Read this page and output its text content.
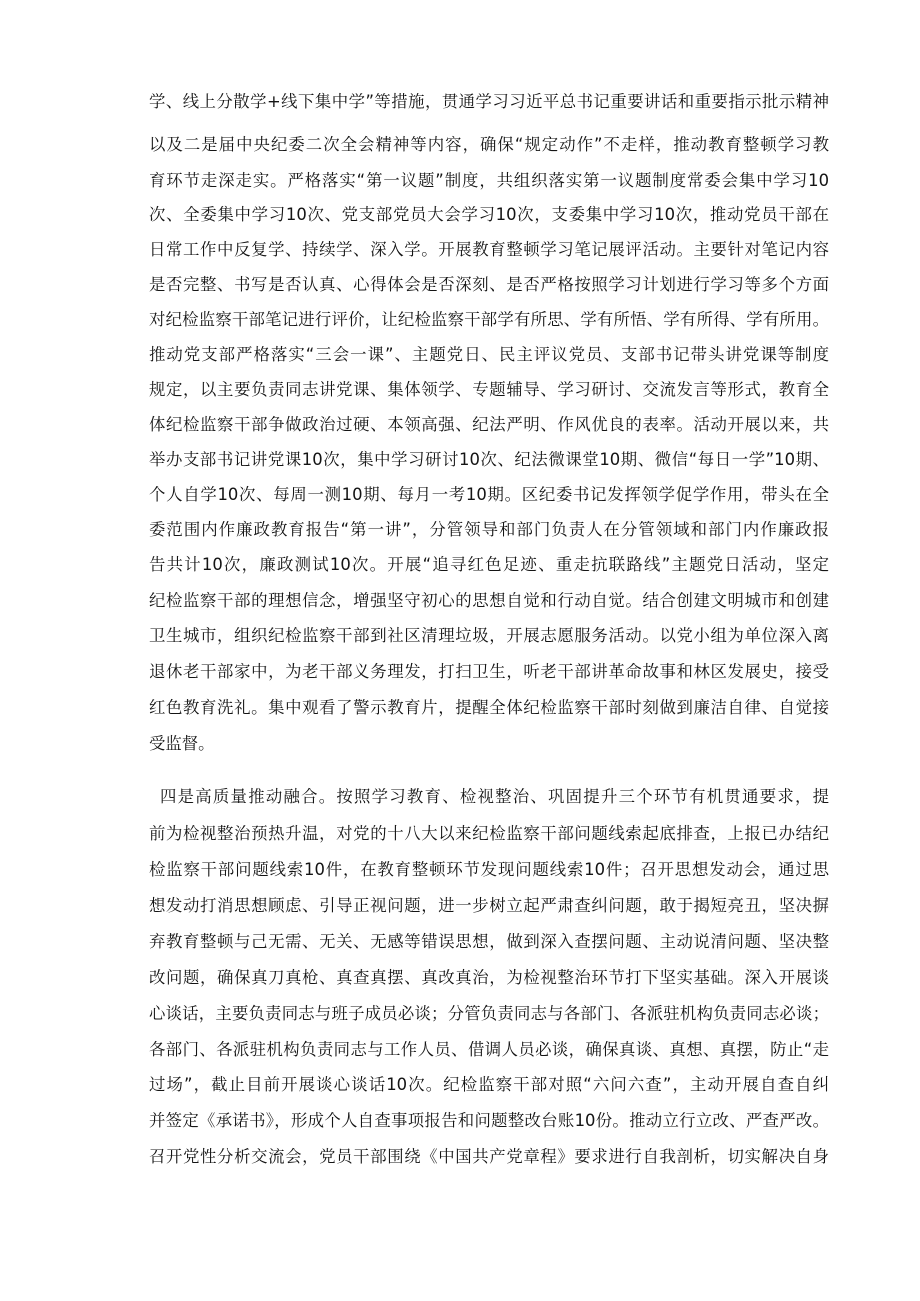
学、线上分散学+线下集中学”等措施，贯通学习习近平总书记重要讲话和重要指示批示精神
以及二是届中央纪委二次全会精神等内容，确保“规定动作”不走样，推动教育整顿学习教
育环节走深走实。严格落实“第一议题”制度，共组织落实第一议题制度常委会集中学习10
次、全委集中学习10次、党支部党员大会学习10次，支委集中学习10次，推动党员干部在
日常工作中反复学、持续学、深入学。开展教育整顿学习笔记展评活动。主要针对笔记内容
是否完整、书写是否认真、心得体会是否深刻、是否严格按照学习计划进行学习等多个方面
对纪检监察干部笔记进行评价，让纪检监察干部学有所思、学有所悟、学有所得、学有所用。
推动党支部严格落实“三会一课”、主题党日、民主评议党员、支部书记带头讲党课等制度
规定，以主要负责同志讲党课、集体领学、专题辅导、学习研讨、交流发言等形式，教育全
体纪检监察干部争做政治过硬、本领高强、纪法严明、作风优良的表率。活动开展以来，共
举办支部书记讲党课10次，集中学习研讨10次、纪法微课堂10期、微信“每日一学”10期、
个人自学10次、每周一测10期、每月一考10期。区纪委书记发挥领学促学作用，带头在全
委范围内作廉政教育报告“第一讲”，分管领导和部门负责人在分管领域和部门内作廉政报
告共计10次，廉政测试10次。开展“追寻红色足迹、重走抗联路线”主题党日活动，坚定
纪检监察干部的理想信念，增强坚守初心的思想自觉和行动自觉。结合创建文明城市和创建
卫生城市，组织纪检监察干部到社区清理垃圾，开展志愿服务活动。以党小组为单位深入离
退休老干部家中，为老干部义务理发，打扫卫生，听老干部讲革命故事和林区发展史，接受
红色教育洗礼。集中观看了警示教育片，提醒全体纪检监察干部时刻做到廉洁自律、自觉接
受监督。
四是高质量推动融合。按照学习教育、检视整治、巩固提升三个环节有机贯通要求，提
前为检视整治预热升温，对党的十八大以来纪检监察干部问题线索起底排查，上报已办结纪
检监察干部问题线索10件，在教育整顿环节发现问题线索10件；召开思想发动会，通过思
想发动打消思想顾虑、引导正视问题，进一步树立起严肃查纠问题，敢于揭短亮丑，坚决摒
弃教育整顿与己无需、无关、无感等错误思想，做到深入查摆问题、主动说清问题、坚决整
改问题，确保真刀真枪、真查真摆、真改真治，为检视整治环节打下坚实基础。深入开展谈
心谈话，主要负责同志与班子成员必谈；分管负责同志与各部门、各派驻机构负责同志必谈；
各部门、各派驻机构负责同志与工作人员、借调人员必谈，确保真谈、真想、真摆，防止“走
过场”，截止目前开展谈心谈话10次。纪检监察干部对照“六问六查”，主动开展自查自纠
并签定《承诺书》，形成个人自查事项报告和问题整改台账10份。推动立行立改、严查严改。
召开党性分析交流会，党员干部围绕《中国共产党章程》要求进行自我剖析，切实解决自身
